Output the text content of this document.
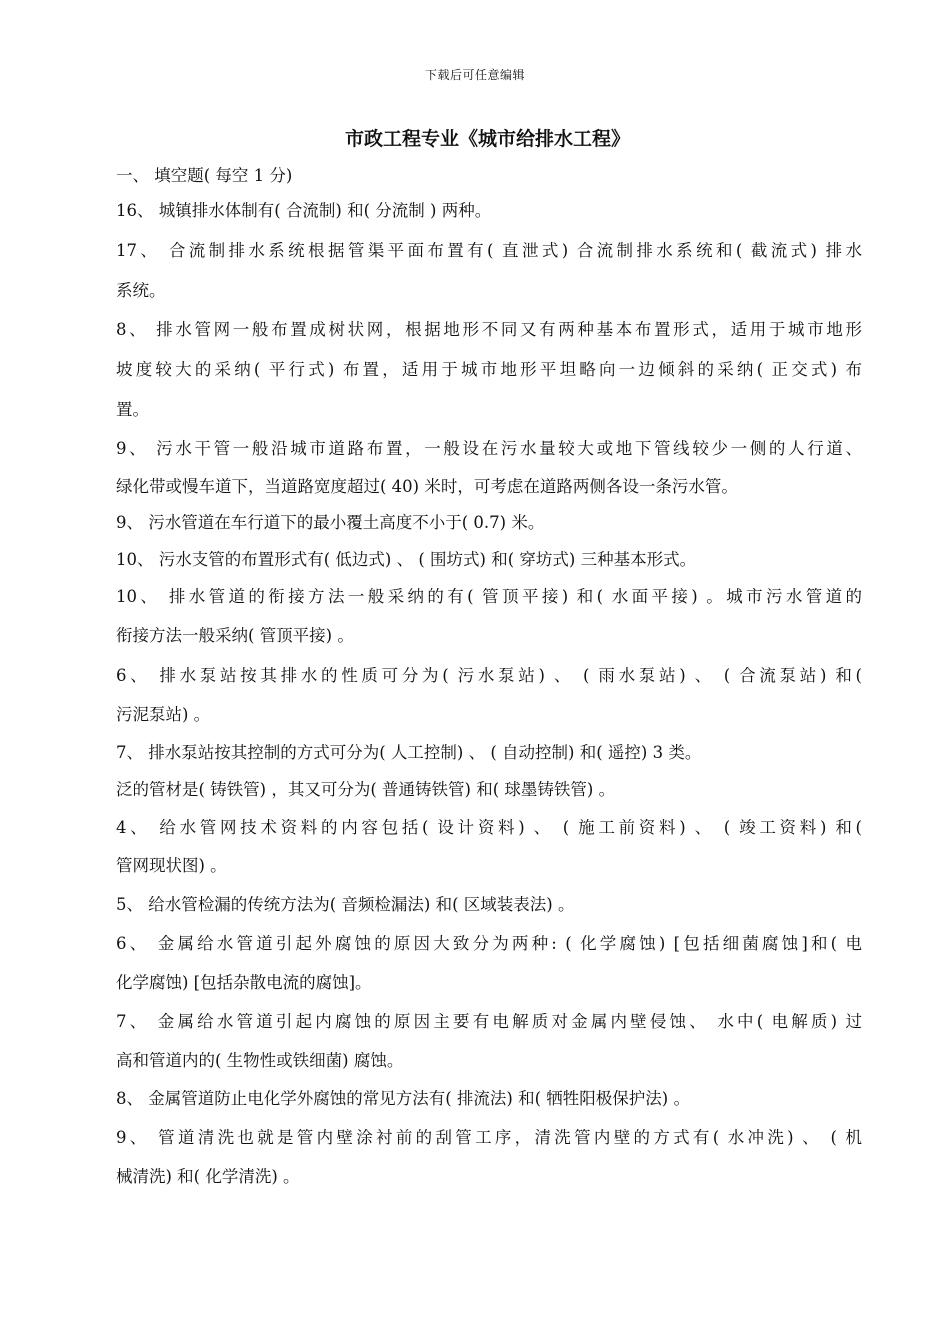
下载后可任意编辑
市政工程专业《城市给排水工程》
一、 填空题( 每空 1 分)
16、 城镇排水体制有( 合流制) 和( 分流制 ) 两种。
17、 合流制排水系统根据管渠平面布置有( 直泄式) 合流制排水系统和( 截流式) 排水
系统。
8、 排水管网一般布置成树状网，根据地形不同又有两种基本布置形式，适用于城市地形
坡度较大的采纳( 平行式) 布置，适用于城市地形平坦略向一边倾斜的采纳( 正交式) 布
置。
9、 污水干管一般沿城市道路布置，一般设在污水量较大或地下管线较少一侧的人行道、
绿化带或慢车道下，当道路宽度超过( 40) 米时，可考虑在道路两侧各设一条污水管。
9、 污水管道在车行道下的最小覆土高度不小于( 0.7) 米。
10、 污水支管的布置形式有( 低边式) 、 ( 围坊式) 和( 穿坊式) 三种基本形式。
10、 排水管道的衔接方法一般采纳的有( 管顶平接) 和( 水面平接) 。城市污水管道的
衔接方法一般采纳( 管顶平接) 。
6、 排水泵站按其排水的性质可分为( 污水泵站) 、 ( 雨水泵站) 、 ( 合流泵站) 和(
污泥泵站) 。
7、 排水泵站按其控制的方式可分为( 人工控制) 、 ( 自动控制) 和( 遥控) 3 类。
泛的管材是( 铸铁管) ，其又可分为( 普通铸铁管) 和( 球墨铸铁管) 。
4、 给水管网技术资料的内容包括( 设计资料) 、 ( 施工前资料) 、 ( 竣工资料) 和(
管网现状图) 。
5、 给水管检漏的传统方法为( 音频检漏法) 和( 区域装表法) 。
6、 金属给水管道引起外腐蚀的原因大致分为两种: ( 化学腐蚀) [包括细菌腐蚀]和( 电
化学腐蚀) [包括杂散电流的腐蚀]。
7、 金属给水管道引起内腐蚀的原因主要有电解质对金属内壁侵蚀、 水中( 电解质) 过
高和管道内的( 生物性或铁细菌) 腐蚀。
8、 金属管道防止电化学外腐蚀的常见方法有( 排流法) 和( 牺牲阳极保护法) 。
9、 管道清洗也就是管内壁涂衬前的刮管工序，清洗管内壁的方式有( 水冲洗) 、 ( 机
械清洗) 和( 化学清洗) 。
